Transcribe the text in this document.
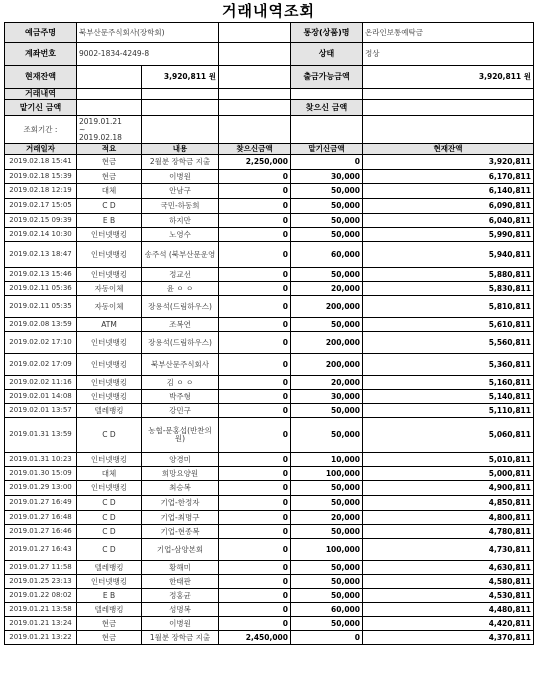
거래내역조회
예금주명	북부산문주식회사(장학회)			통장(상품)명	온라인보통예탁금
계좌번호	9002-1834-4249-8			상태	정상
현재잔액		3,920,811 원		출금가능금액	3,920,811 원
거래내역					
맡기신 금액				찾으신 금액	
조회기간 :	2019.01.21
~
2019.02.18				

거래일자	적요	내용	찾으신금액	맡기신금액	현재잔액
2019.02.18 15:41	현금	2월분 장학금 지출	2,250,000	0	3,920,811
2019.02.18 15:39	현금	이병원	0	30,000	6,170,811
2019.02.18 12:19	대체	안남구	0	50,000	6,140,811
2019.02.17 15:05	C D	국민-하동희	0	50,000	6,090,811
2019.02.15 09:39	E B	하지만	0	50,000	6,040,811
2019.02.14 10:30	인터넷뱅킹	노영수	0	50,000	5,990,811
2019.02.13 18:47	인터넷뱅킹	송주석 (북부산문운영	0	60,000	5,940,811
2019.02.13 15:46	인터넷뱅킹	정교선	0	50,000	5,880,811
2019.02.11 05:36	자동이체	윤 ㅇ ㅇ	0	20,000	5,830,811
2019.02.11 05:35	자동이체	장용석(드림하우스)	0	200,000	5,810,811
2019.02.08 13:59	ATM	조복연	0	50,000	5,610,811
2019.02.02 17:10	인터넷뱅킹	장용석(드림하우스)	0	200,000	5,560,811
2019.02.02 17:09	인터넷뱅킹	북부산문주식회사	0	200,000	5,360,811
2019.02.02 11:16	인터넷뱅킹	김 ㅇ ㅇ	0	20,000	5,160,811
2019.02.01 14:08	인터넷뱅킹	박주형	0	30,000	5,140,811
2019.02.01 13:57	텔레뱅킹	강민구	0	50,000	5,110,811
2019.01.31 13:59	C D	농협-문홍섭(반찬의원)	0	50,000	5,060,811
2019.01.31 10:23	인터넷뱅킹	양경미	0	10,000	5,010,811
2019.01.30 15:09	대체	희망요양원	0	100,000	5,000,811
2019.01.29 13:00	인터넷뱅킹	최승복	0	50,000	4,900,811
2019.01.27 16:49	C D	기업-한정자	0	50,000	4,850,811
2019.01.27 16:48	C D	기업-최명구	0	20,000	4,800,811
2019.01.27 16:46	C D	기업-현종복	0	50,000	4,780,811
2019.01.27 16:43	C D	기업-삼양본회	0	100,000	4,730,811
2019.01.27 11:58	텔레뱅킹	황해미	0	50,000	4,630,811
2019.01.25 23:13	인터넷뱅킹	한태판	0	50,000	4,580,811
2019.01.22 08:02	E B	정홍균	0	50,000	4,530,811
2019.01.21 13:58	텔레뱅킹	성명복	0	60,000	4,480,811
2019.01.21 13:24	현금	이병원	0	50,000	4,420,811
2019.01.21 13:22	현금	1월분 장학금 지출	2,450,000	0	4,370,811
